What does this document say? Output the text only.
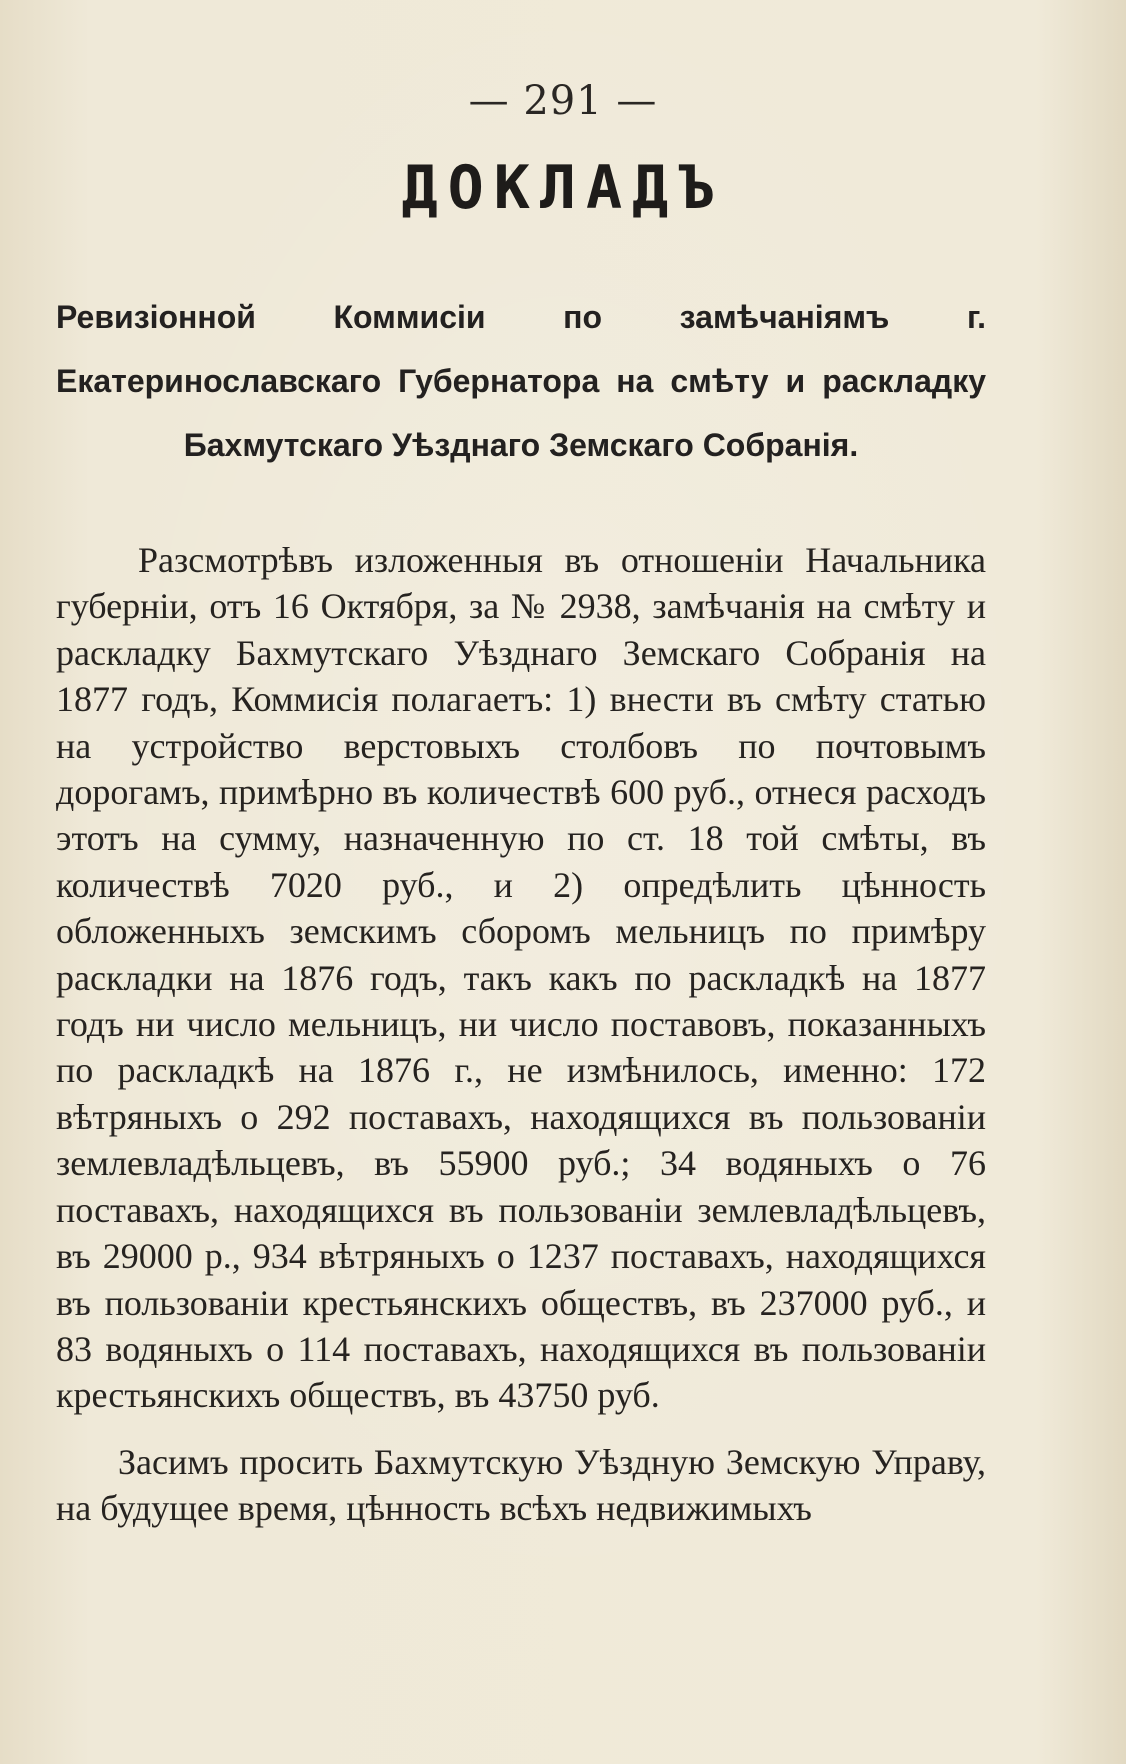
— 291 —
ДОКЛАДЪ
Ревизіонной Коммисіи по замѣчаніямъ г. Екатеринославскаго Губернатора на смѣту и раскладку Бахмутскаго Уѣзднаго Земскаго Собранія.

Разсмотрѣвъ изложенныя въ отношеніи Начальника губерніи, отъ 16 Октября, за № 2938, замѣчанія на смѣту и раскладку Бахмутскаго Уѣзднаго Земскаго Собранія на 1877 годъ, Коммисія полагаетъ: 1) внести въ смѣту статью на устройство верстовыхъ столбовъ по почтовымъ дорогамъ, примѣрно въ количествѣ 600 руб., отнеся расходъ этотъ на сумму, назначенную по ст. 18 той смѣты, въ количествѣ 7020 руб., и 2) опредѣлить цѣнность обложенныхъ земскимъ сборомъ мельницъ по примѣру раскладки на 1876 годъ, такъ какъ по раскладкѣ на 1877 годъ ни число мельницъ, ни число поставовъ, показанныхъ по раскладкѣ на 1876 г., не измѣнилось, именно: 172 вѣтряныхъ о 292 поставахъ, находящихся въ пользованіи землевладѣльцевъ, въ 55900 руб.; 34 водяныхъ о 76 поставахъ, находящихся въ пользованіи землевладѣльцевъ, въ 29000 р., 934 вѣтряныхъ о 1237 поставахъ, находящихся въ пользованіи крестьянскихъ обществъ, въ 237000 руб., и 83 водяныхъ о 114 поставахъ, находящихся въ пользованіи крестьянскихъ обществъ, въ 43750 руб.

Засимъ просить Бахмутскую Уѣздную Земскую Управу, на будущее время, цѣнность всѣхъ недвижимыхъ
